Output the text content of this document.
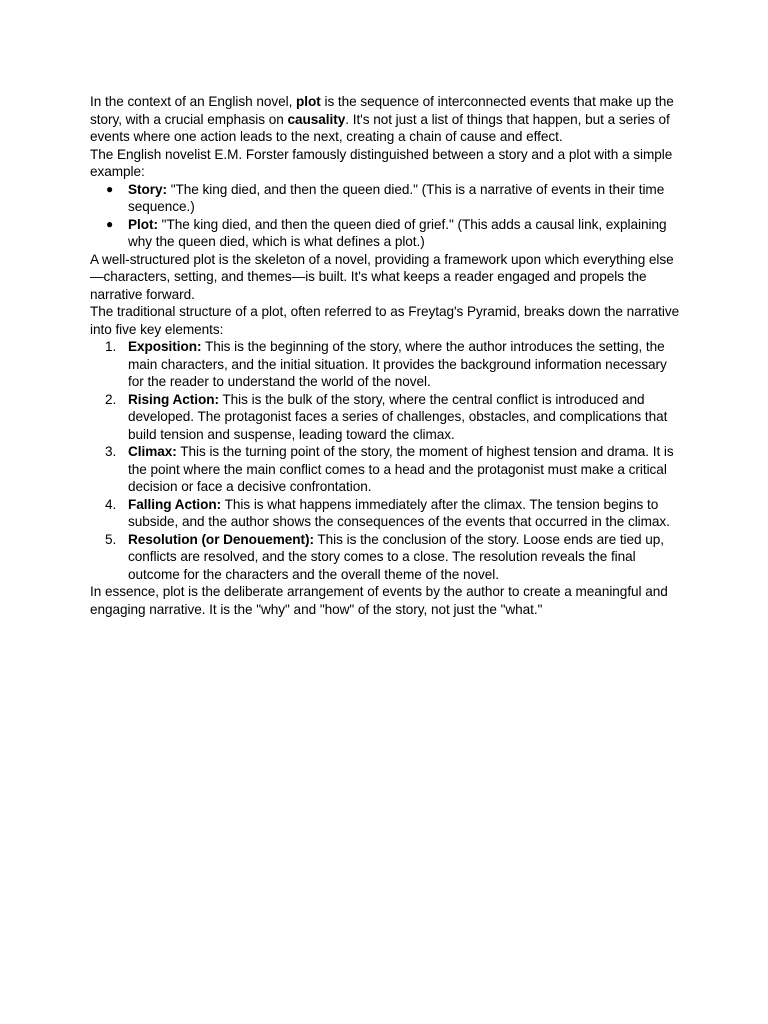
In the context of an English novel, plot is the sequence of interconnected events that make up the story, with a crucial emphasis on causality. It's not just a list of things that happen, but a series of events where one action leads to the next, creating a chain of cause and effect.

The English novelist E.M. Forster famously distinguished between a story and a plot with a simple example:

● Story: "The king died, and then the queen died." (This is a narrative of events in their time sequence.)
● Plot: "The king died, and then the queen died of grief." (This adds a causal link, explaining why the queen died, which is what defines a plot.)

A well-structured plot is the skeleton of a novel, providing a framework upon which everything else—characters, setting, and themes—is built. It's what keeps a reader engaged and propels the narrative forward.

The traditional structure of a plot, often referred to as Freytag's Pyramid, breaks down the narrative into five key elements:

1. Exposition: This is the beginning of the story, where the author introduces the setting, the main characters, and the initial situation. It provides the background information necessary for the reader to understand the world of the novel.
2. Rising Action: This is the bulk of the story, where the central conflict is introduced and developed. The protagonist faces a series of challenges, obstacles, and complications that build tension and suspense, leading toward the climax.
3. Climax: This is the turning point of the story, the moment of highest tension and drama. It is the point where the main conflict comes to a head and the protagonist must make a critical decision or face a decisive confrontation.
4. Falling Action: This is what happens immediately after the climax. The tension begins to subside, and the author shows the consequences of the events that occurred in the climax.
5. Resolution (or Denouement): This is the conclusion of the story. Loose ends are tied up, conflicts are resolved, and the story comes to a close. The resolution reveals the final outcome for the characters and the overall theme of the novel.

In essence, plot is the deliberate arrangement of events by the author to create a meaningful and engaging narrative. It is the "why" and "how" of the story, not just the "what."
